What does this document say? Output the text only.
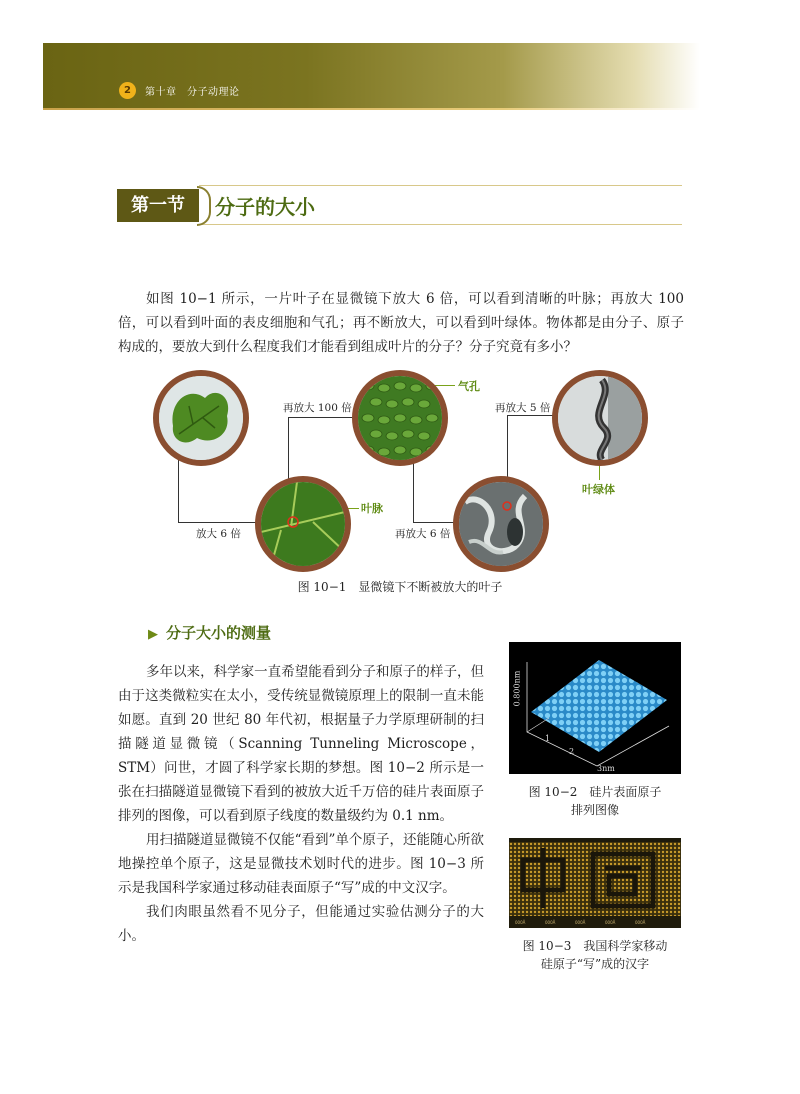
2	第十章　分子动理论
第一节	分子的大小
如图 10−1 所示，一片叶子在显微镜下放大 6 倍，可以看到清晰的叶脉；再放大 100 倍，可以看到叶面的表皮细胞和气孔；再不断放大，可以看到叶绿体。物体都是由分子、原子构成的，要放大到什么程度我们才能看到组成叶片的分子？分子究竟有多小？
放大 6 倍
再放大 100 倍
再放大 6 倍
再放大 5 倍
叶脉
气孔
叶绿体
图 10−1　显微镜下不断被放大的叶子
▶ 分子大小的测量

多年以来，科学家一直希望能看到分子和原子的样子，但由于这类微粒实在太小，受传统显微镜原理上的限制一直未能如愿。直到 20 世纪 80 年代初，根据量子力学原理研制的扫描隧道显微镜（Scanning Tunneling Microscope，STM）问世，才圆了科学家长期的梦想。图 10−2 所示是一张在扫描隧道显微镜下看到的被放大近千万倍的硅片表面原子排列的图像，可以看到原子线度的数量级约为 0.1 nm。

用扫描隧道显微镜不仅能“看到”单个原子，还能随心所欲地操控单个原子，这是显微技术划时代的进步。图 10−3 所示是我国科学家通过移动硅表面原子“写”成的中文汉字。

我们肉眼虽然看不见分子，但能通过实验估测分子的大小。

0.800nm
1
2
3nm
图 10−2　硅片表面原子
排列图像
000Å	000Å	000Å	000Å	000Å
图 10−3　我国科学家移动
硅原子“写”成的汉字
